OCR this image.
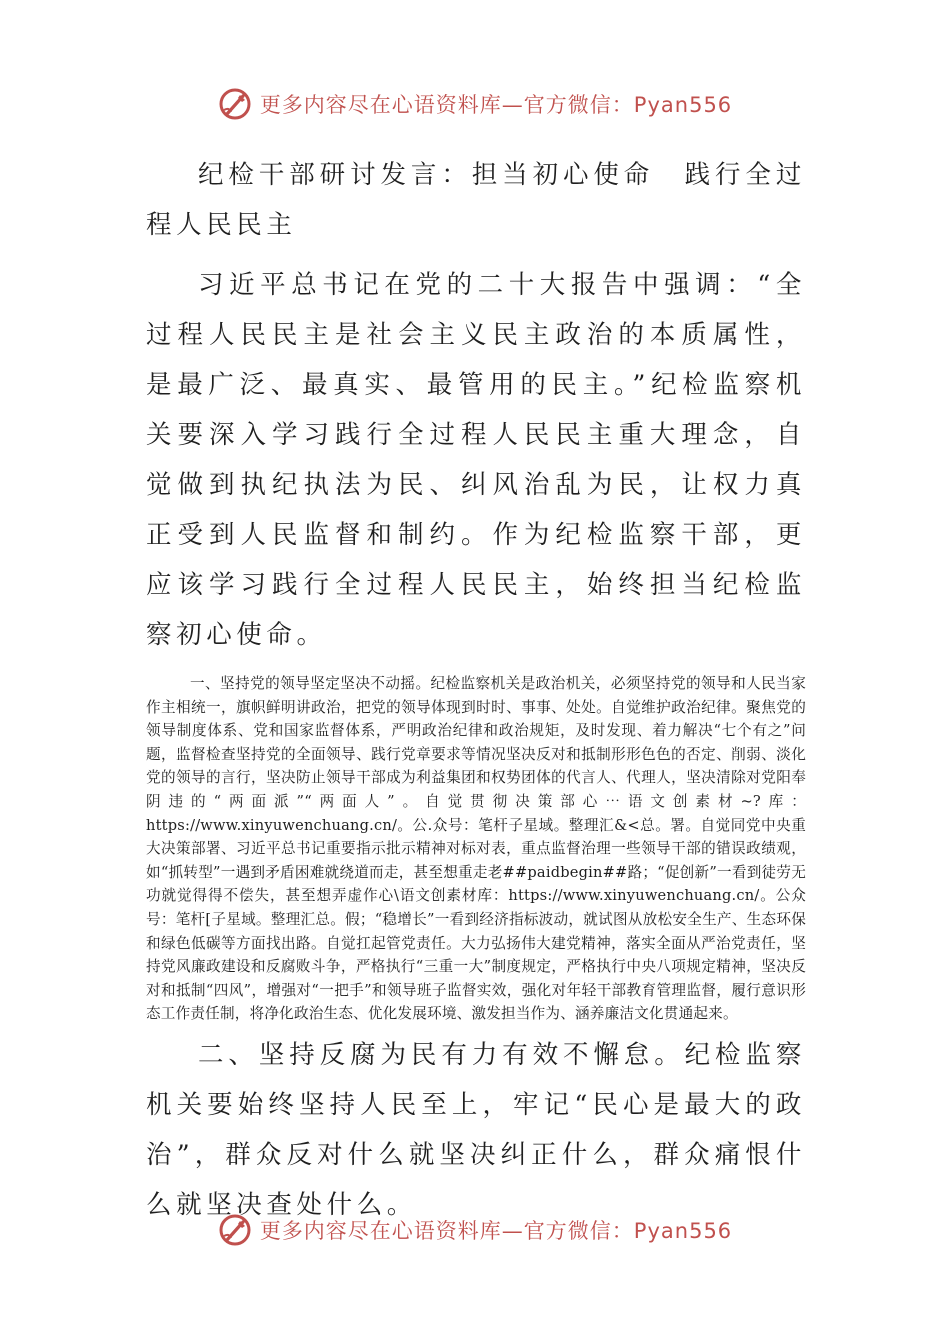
更多内容尽在心语资料库—官方微信：Pyan556

纪检干部研讨发言：担当初心使命　践行全过程人民民主

习近平总书记在党的二十大报告中强调：“全过程人民民主是社会主义民主政治的本质属性，是最广泛、最真实、最管用的民主。”纪检监察机关要深入学习践行全过程人民民主重大理念，自觉做到执纪执法为民、纠风治乱为民，让权力真正受到人民监督和制约。作为纪检监察干部，更应该学习践行全过程人民民主，始终担当纪检监察初心使命。

一、坚持党的领导坚定坚决不动摇。纪检监察机关是政治机关，必须坚持党的领导和人民当家作主相统一，旗帜鲜明讲政治，把党的领导体现到时时、事事、处处。自觉维护政治纪律。聚焦党的领导制度体系、党和国家监督体系，严明政治纪律和政治规矩，及时发现、着力解决“七个有之”问题，监督检查坚持党的全面领导、践行党章要求等情况坚决反对和抵制形形色色的否定、削弱、淡化党的领导的言行，坚决防止领导干部成为利益集团和权势团体的代言人、代理人，坚决清除对党阳奉阴违的“两面派”“两面人”。自觉贯彻决策部心⋯语文创素材~?库：https://www.xinyuwenchuang.cn/。公.众号：笔杆子星域。整理汇&<总。署。自觉同党中央重大决策部署、习近平总书记重要指示批示精神对标对表，重点监督治理一些领导干部的错误政绩观，如“抓转型”一遇到矛盾困难就绕道而走，甚至想重走老##paidbegin##路；“促创新”一看到徒劳无功就觉得得不偿失，甚至想弄虚作心\语文创素材库：https://www.xinyuwenchuang.cn/。公众号：笔杆[子星域。整理汇总。假；“稳增长”一看到经济指标波动，就试图从放松安全生产、生态环保和绿色低碳等方面找出路。自觉扛起管党责任。大力弘扬伟大建党精神，落实全面从严治党责任，坚持党风廉政建设和反腐败斗争，严格执行“三重一大”制度规定，严格执行中央八项规定精神，坚决反对和抵制“四风”，增强对“一把手”和领导班子监督实效，强化对年轻干部教育管理监督，履行意识形态工作责任制，将净化政治生态、优化发展环境、激发担当作为、涵养廉洁文化贯通起来。

二、坚持反腐为民有力有效不懈怠。纪检监察机关要始终坚持人民至上，牢记“民心是最大的政治”，群众反对什么就坚决纠正什么，群众痛恨什么就坚决查处什么。

更多内容尽在心语资料库—官方微信：Pyan556
